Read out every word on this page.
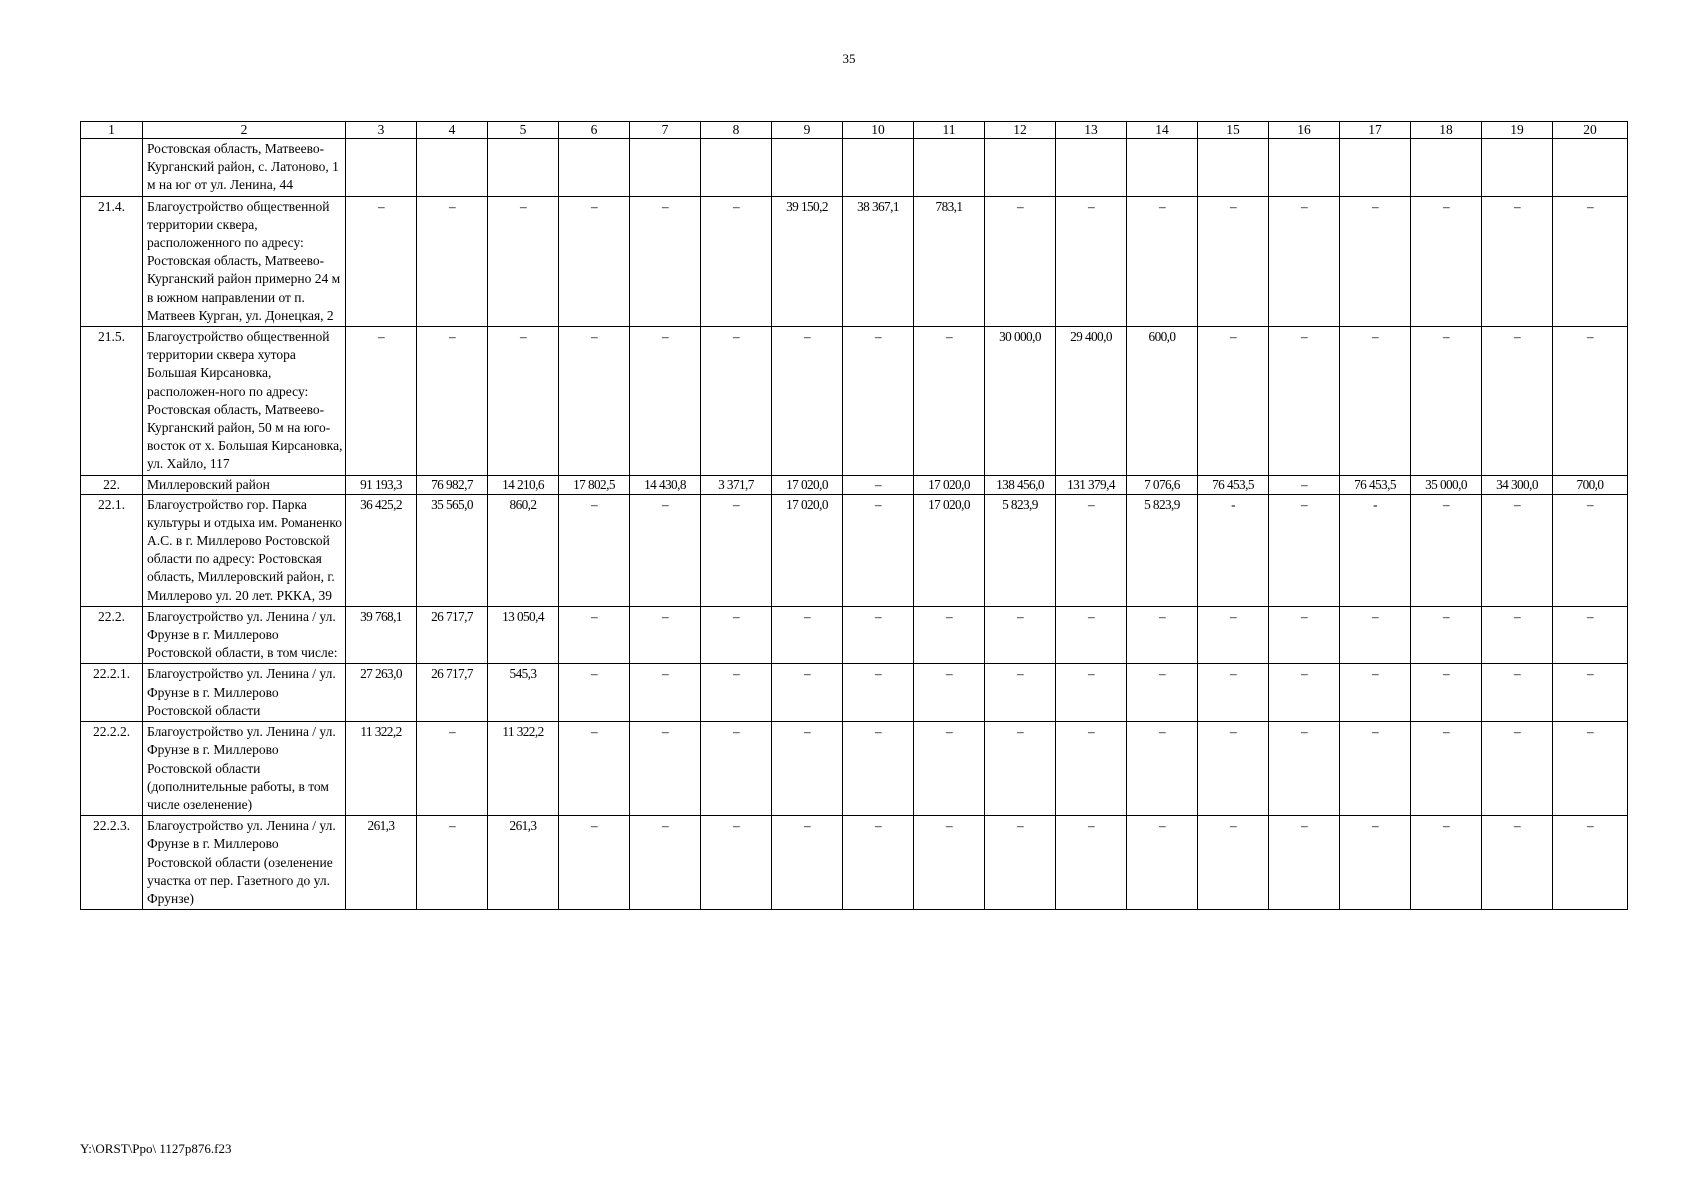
35
1	2	3	4	5	6	7	8	9	10	11	12	13	14	15	16	17	18	19	20
	Ростовская область, Матвеево-Курганский район, с. Латоново, 1 м на юг от ул. Ленина, 44																		
21.4.	Благоустройство общественной территории сквера, расположенного по адресу: Ростовская область, Матвеево-Курганский район примерно 24 м в южном направлении от п. Матвеев Курган, ул. Донецкая, 2	–	–	–	–	–	–	39 150,2	38 367,1	783,1	–	–	–	–	–	–	–	–	–
21.5.	Благоустройство общественной территории сквера хутора Большая Кирсановка, расположен-ного по адресу: Ростовская область, Матвеево-Курганский район, 50 м на юго-восток от х. Большая Кирсановка, ул. Хайло, 117	–	–	–	–	–	–	–	–	–	30 000,0	29 400,0	600,0	–	–	–	–	–	–
22.	Миллеровский район	91 193,3	76 982,7	14 210,6	17 802,5	14 430,8	3 371,7	17 020,0	–	17 020,0	138 456,0	131 379,4	7 076,6	76 453,5	–	76 453,5	35 000,0	34 300,0	700,0
22.1.	Благоустройство гор. Парка культуры и отдыха им. Романенко А.С. в г. Миллерово Ростовской области по адресу: Ростовская область, Миллеровский район, г. Миллерово ул. 20 лет. РККА, 39	36 425,2	35 565,0	860,2	–	–	–	17 020,0	–	17 020,0	5 823,9	–	5 823,9	-	–	-	–	–	–
22.2.	Благоустройство ул. Ленина / ул. Фрунзе в г. Миллерово Ростовской области, в том числе:	39 768,1	26 717,7	13 050,4	–	–	–	–	–	–	–	–	–	–	–	–	–	–	–
22.2.1.	Благоустройство ул. Ленина / ул. Фрунзе в г. Миллерово Ростовской области	27 263,0	26 717,7	545,3	–	–	–	–	–	–	–	–	–	–	–	–	–	–	–
22.2.2.	Благоустройство ул. Ленина / ул. Фрунзе в г. Миллерово Ростовской области (дополнительные работы, в том числе озеленение)	11 322,2	–	11 322,2	–	–	–	–	–	–	–	–	–	–	–	–	–	–	–
22.2.3.	Благоустройство ул. Ленина / ул. Фрунзе в г. Миллерово Ростовской области (озеленение участка от пер. Газетного до ул. Фрунзе)	261,3	–	261,3	–	–	–	–	–	–	–	–	–	–	–	–	–	–	–
Y:\ORST\Ppo\ 1127p876.f23
